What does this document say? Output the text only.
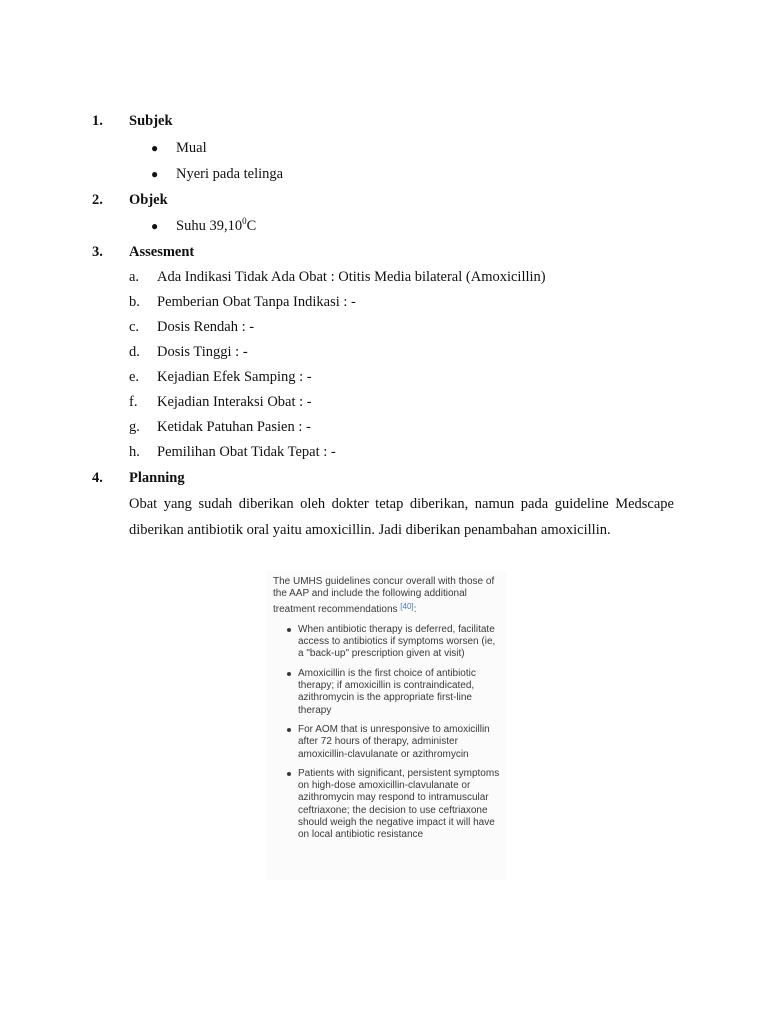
1. Subjek
● Mual
● Nyeri pada telinga
2. Objek
● Suhu 39,10$^0$C
3. Assesment
a. Ada Indikasi Tidak Ada Obat : Otitis Media bilateral (Amoxicillin)
b. Pemberian Obat Tanpa Indikasi : -
c. Dosis Rendah : -
d. Dosis Tinggi : -
e. Kejadian Efek Samping : -
f. Kejadian Interaksi Obat : -
g. Ketidak Patuhan Pasien : -
h. Pemilihan Obat Tidak Tepat : -
4. Planning
Obat yang sudah diberikan oleh dokter tetap diberikan, namun pada guideline Medscape diberikan antibiotik oral yaitu amoxicillin. Jadi diberikan penambahan amoxicillin.

The UMHS guidelines concur overall with those of the AAP and include the following additional treatment recommendations [40]:

When antibiotic therapy is deferred, facilitate access to antibiotics if symptoms worsen (ie, a "back-up" prescription given at visit)
Amoxicillin is the first choice of antibiotic therapy; if amoxicillin is contraindicated, azithromycin is the appropriate first-line therapy
For AOM that is unresponsive to amoxicillin after 72 hours of therapy, administer amoxicillin-clavulanate or azithromycin
Patients with significant, persistent symptoms on high-dose amoxicillin-clavulanate or azithromycin may respond to intramuscular ceftriaxone; the decision to use ceftriaxone should weigh the negative impact it will have on local antibiotic resistance
